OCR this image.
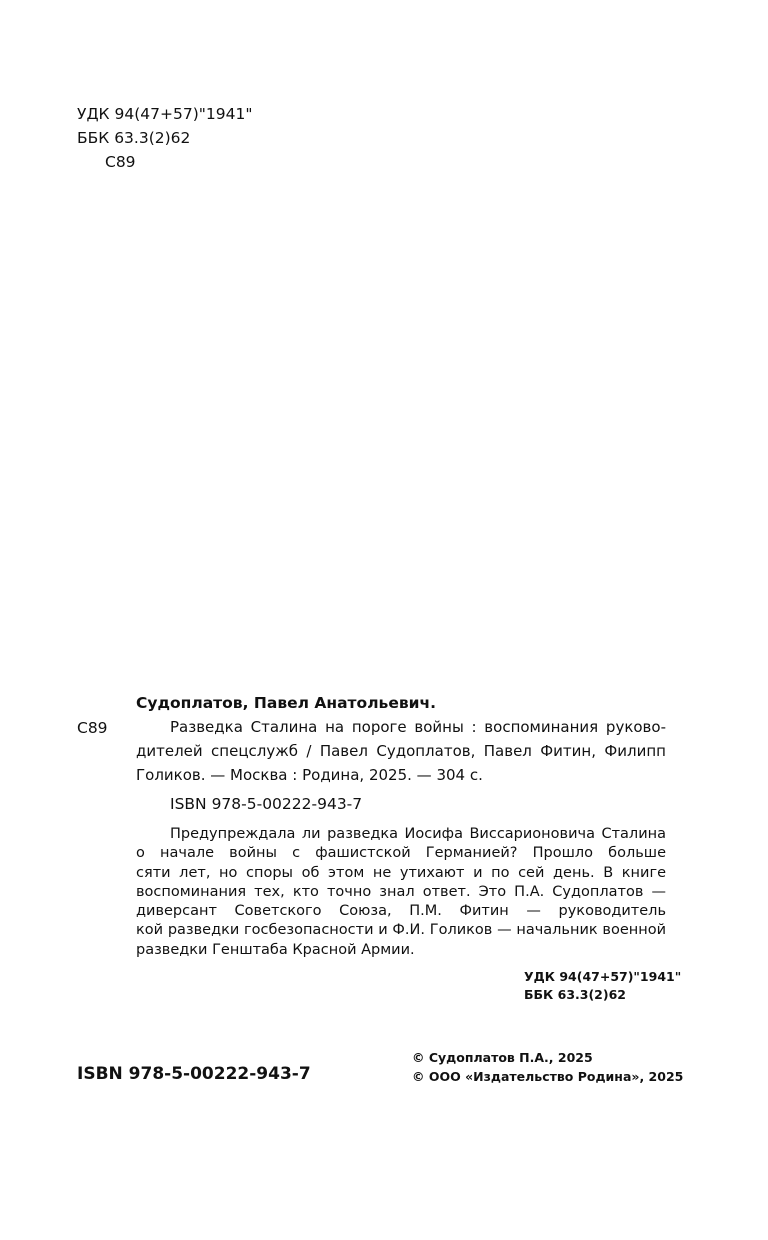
УДК 94(47+57)"1941"
ББК 63.3(2)62
С89
Судоплатов, Павел Анатольевич.
С89	Разведка Сталина на пороге войны : воспоминания руково-
дителей спецслужб / Павел Судоплатов, Павел Фитин, Филипп
Голиков. — Москва : Родина, 2025. — 304 с.
ISBN 978-5-00222-943-7
Предупреждала ли разведка Иосифа Виссарионовича Сталина
о начале войны с фашистской Германией? Прошло больше
сяти лет, но споры об этом не утихают и по сей день. В книге
воспоминания тех, кто точно знал ответ. Это П.А. Судоплатов —
диверсант Советского Союза, П.М. Фитин — руководитель
кой разведки госбезопасности и Ф.И. Голиков — начальник военной
разведки Генштаба Красной Армии.
УДК 94(47+57)"1941"
ББК 63.3(2)62
ISBN 978-5-00222-943-7
© Судоплатов П.А., 2025
© ООО «Издательство Родина», 2025
